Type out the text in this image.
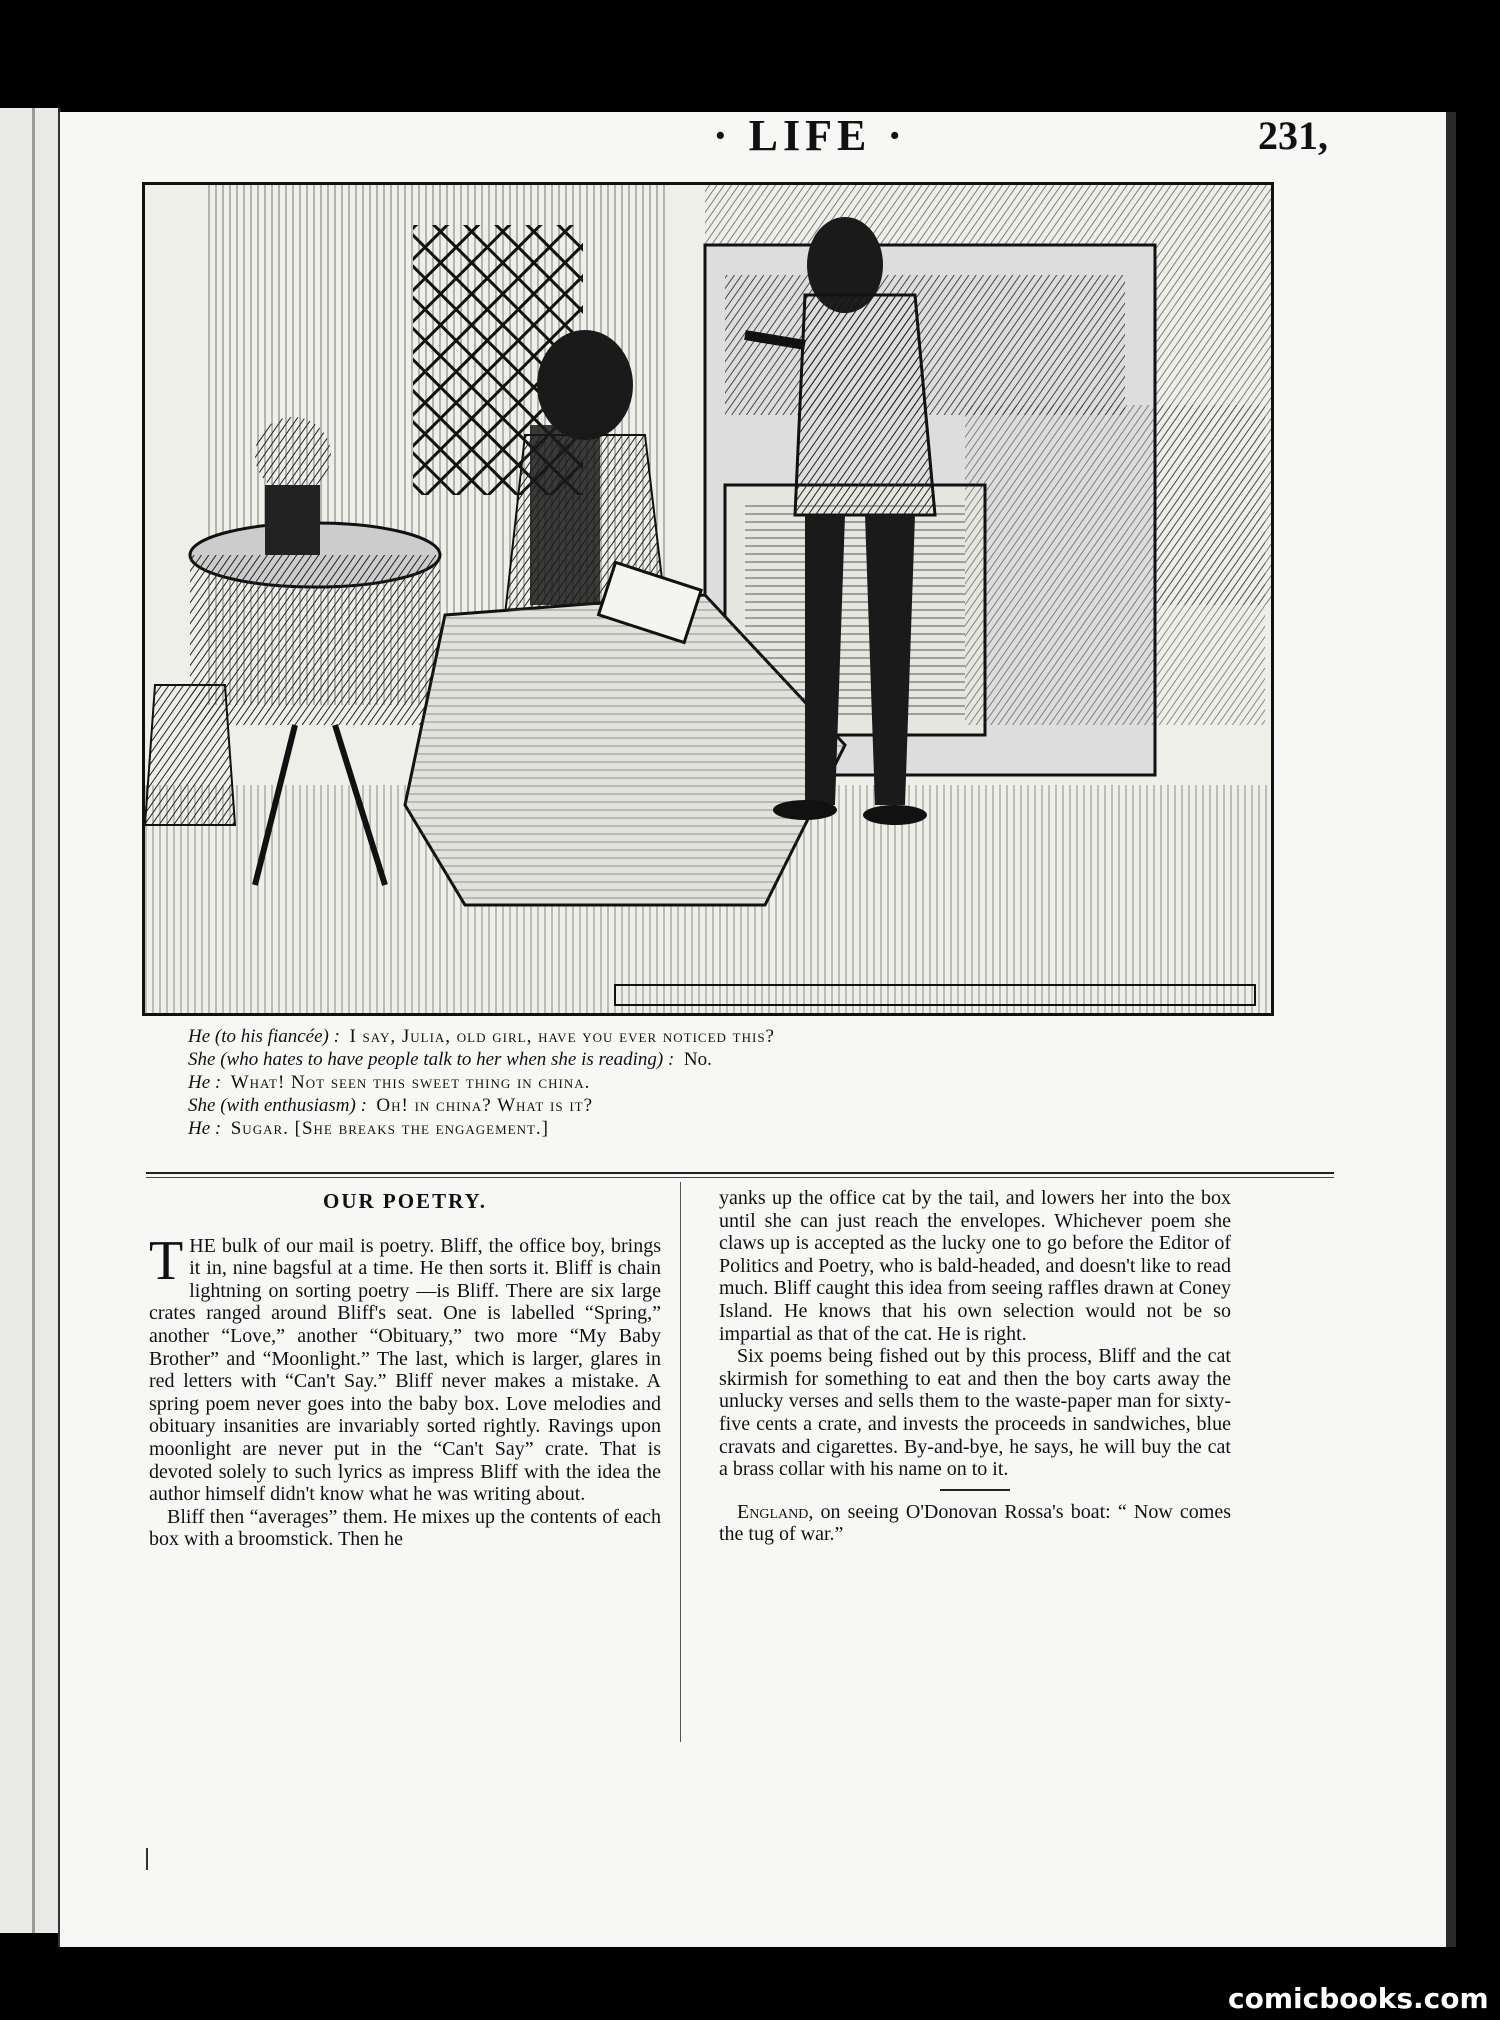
· LIFE ·	231,
He (to his fiancée) : I say, Julia, old girl, have you ever noticed this?
She (who hates to have people talk to her when she is reading) : No.
He : What! Not seen this sweet thing in china.
She (with enthusiasm) : Oh! in china? What is it?
He : Sugar. [She breaks the engagement.]
OUR POETRY.

THE bulk of our mail is poetry. Bliff, the office boy, brings it in, nine bagsful at a time. He then sorts it. Bliff is chain lightning on sorting poetry —is Bliff. There are six large crates ranged around Bliff's seat. One is labelled “Spring,” another “Love,” another “Obituary,” two more “My Baby Brother” and “Moonlight.” The last, which is larger, glares in red letters with “Can't Say.” Bliff never makes a mistake. A spring poem never goes into the baby box. Love melodies and obituary insanities are invariably sorted rightly. Ravings upon moonlight are never put in the “Can't Say” crate. That is devoted solely to such lyrics as impress Bliff with the idea the author himself didn't know what he was writing about.

Bliff then “averages” them. He mixes up the contents of each box with a broomstick. Then he

yanks up the office cat by the tail, and lowers her into the box until she can just reach the envelopes. Whichever poem she claws up is accepted as the lucky one to go before the Editor of Politics and Poetry, who is bald-headed, and doesn't like to read much. Bliff caught this idea from seeing raffles drawn at Coney Island. He knows that his own selection would not be so impartial as that of the cat. He is right.

Six poems being fished out by this process, Bliff and the cat skirmish for something to eat and then the boy carts away the unlucky verses and sells them to the waste-paper man for sixty-five cents a crate, and invests the proceeds in sandwiches, blue cravats and cigarettes. By-and-bye, he says, he will buy the cat a brass collar with his name on to it.

England, on seeing O'Donovan Rossa's boat: “ Now comes the tug of war.”

comicbooks.com
